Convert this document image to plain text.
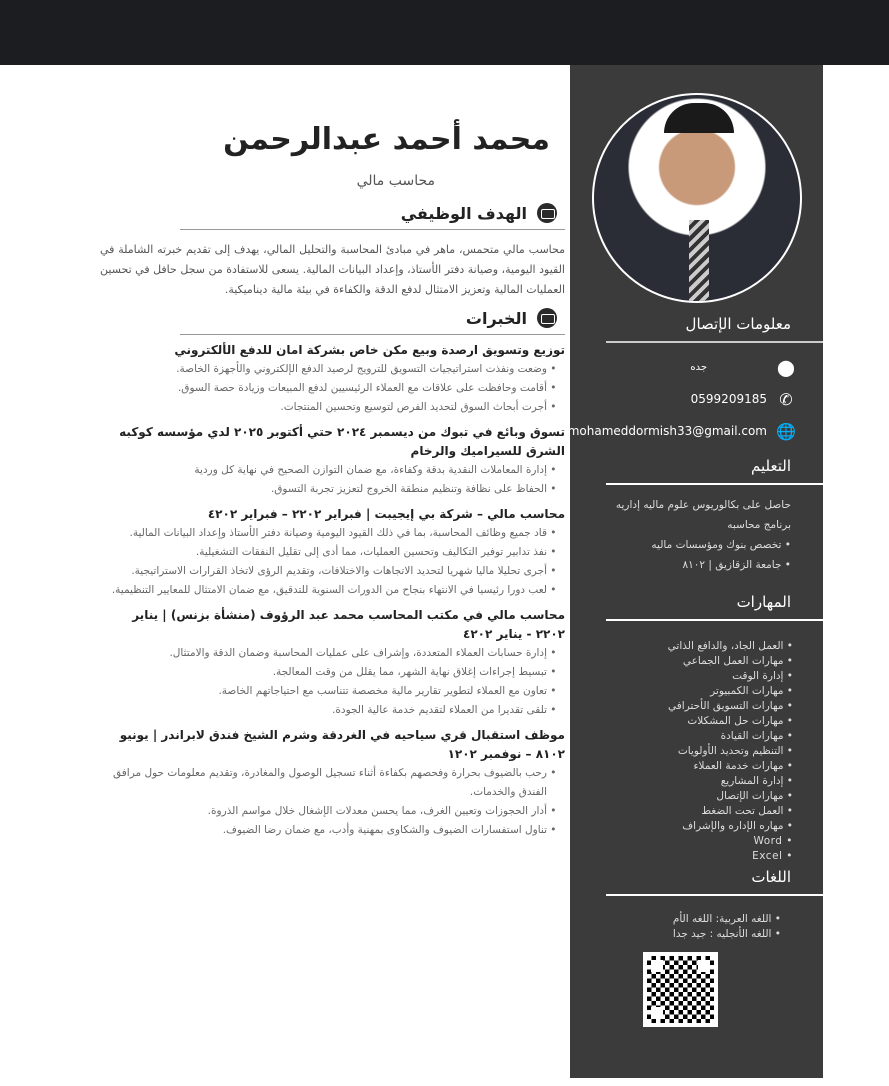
محمد أحمد عبدالرحمن
محاسب مالي
الهدف الوظيفي
محاسب مالي متحمس، ماهر في مبادئ المحاسبة والتحليل المالي، يهدف إلى تقديم خبرته الشاملة في القيود اليومية، وصيانة دفتر الأستاذ، وإعداد البيانات المالية. يسعى للاستفادة من سجل حافل في تحسين العمليات المالية وتعزيز الامتثال لدفع الدقة والكفاءة في بيئة مالية ديناميكية.
الخبرات
توزيع وتسويق ارصدة وبيع مكن خاص بشركة امان للدفع الألكتروني
• وضعت ونفذت استراتيجيات التسويق للترويج لرصيد الدفع الإلكتروني والأجهزة الخاصة.
• أقامت وحافظت على علاقات مع العملاء الرئيسيين لدفع المبيعات وزيادة حصة السوق.
• أجرت أبحاث السوق لتحديد الفرص لتوسيع وتحسين المنتجات.
تسوق وبائع في تبوك من ديسمبر ٢٠٢٤ حتي أكتوبر ٢٠٢٥ لدي مؤسسه كوكبه الشرق للسيراميك والرخام
• إدارة المعاملات النقدية بدقة وكفاءة، مع ضمان التوازن الصحيح في نهاية كل وردية
• الحفاظ على نظافة وتنظيم منطقة الخروج لتعزيز تجربة التسوق.
محاسب مالي – شركة بي إيجيبت | فبراير ٢٢٠٢ – فبراير ٤٢٠٢
• قاد جميع وظائف المحاسبة، بما في ذلك القيود اليومية وصيانة دفتر الأستاذ وإعداد البيانات المالية.
• نفذ تدابير توفير التكاليف وتحسين العمليات، مما أدى إلى تقليل النفقات التشغيلية.
• أجرى تحليلا ماليا شهريا لتحديد الاتجاهات والاختلافات، وتقديم الرؤى لاتخاذ القرارات الاستراتيجية.
• لعب دورا رئيسيا في الانتهاء بنجاح من الدورات السنوية للتدقيق، مع ضمان الامتثال للمعايير التنظيمية.
محاسب مالي في مكتب المحاسب محمد عبد الرؤوف (منشأة بزنس) | يناير ٢٢٠٢ - يناير ٤٢٠٢
• إدارة حسابات العملاء المتعددة، وإشراف على عمليات المحاسبة وضمان الدقة والامتثال.
• تبسيط إجراءات إغلاق نهاية الشهر، مما يقلل من وقت المعالجة.
• تعاون مع العملاء لتطوير تقارير مالية مخصصة تتناسب مع احتياجاتهم الخاصة.
• تلقى تقديرا من العملاء لتقديم خدمة عالية الجودة.
موظف استقبال قري سياحيه في الغردقة وشرم الشيخ فندق لابراندر | يونيو ٨١٠٢ – نوفمبر ١٢٠٢
• رحب بالضيوف بحرارة وفحصهم بكفاءة أثناء تسجيل الوصول والمغادرة، وتقديم معلومات حول مرافق الفندق والخدمات.
• أدار الحجوزات وتعيين الغرف، مما يحسن معدلات الإشغال خلال مواسم الذروة.
• تناول استفسارات الضيوف والشكاوى بمهنية وأدب، مع ضمان رضا الضيوف.
معلومات الإتصال
جده	⬤
0599209185 ✆
mohameddormish33@gmail.com 🌐
التعليم
حاصل على بكالوريوس علوم ماليه إداريه برنامج محاسبه
• تخصص بنوك ومؤسسات ماليه
• جامعة الزقازيق | ٨١٠٢
المهارات
• العمل الجاد، والدافع الذاتي
• مهارات العمل الجماعي
• إدارة الوقت
• مهارات الكمبيوتر
• مهارات التسويق الأحترافي
• مهارات حل المشكلات
• مهارات القيادة
• التنظيم وتحديد الأولويات
• مهارات خدمة العملاء
• إدارة المشاريع
• مهارات الإتصال
• العمل تحت الضغط
• مهاره الإداره والإشراف
• Word
• Excel
اللغات
• اللغه العربية: اللغه الأم
• اللغه الأنجليه : جيد جدا
